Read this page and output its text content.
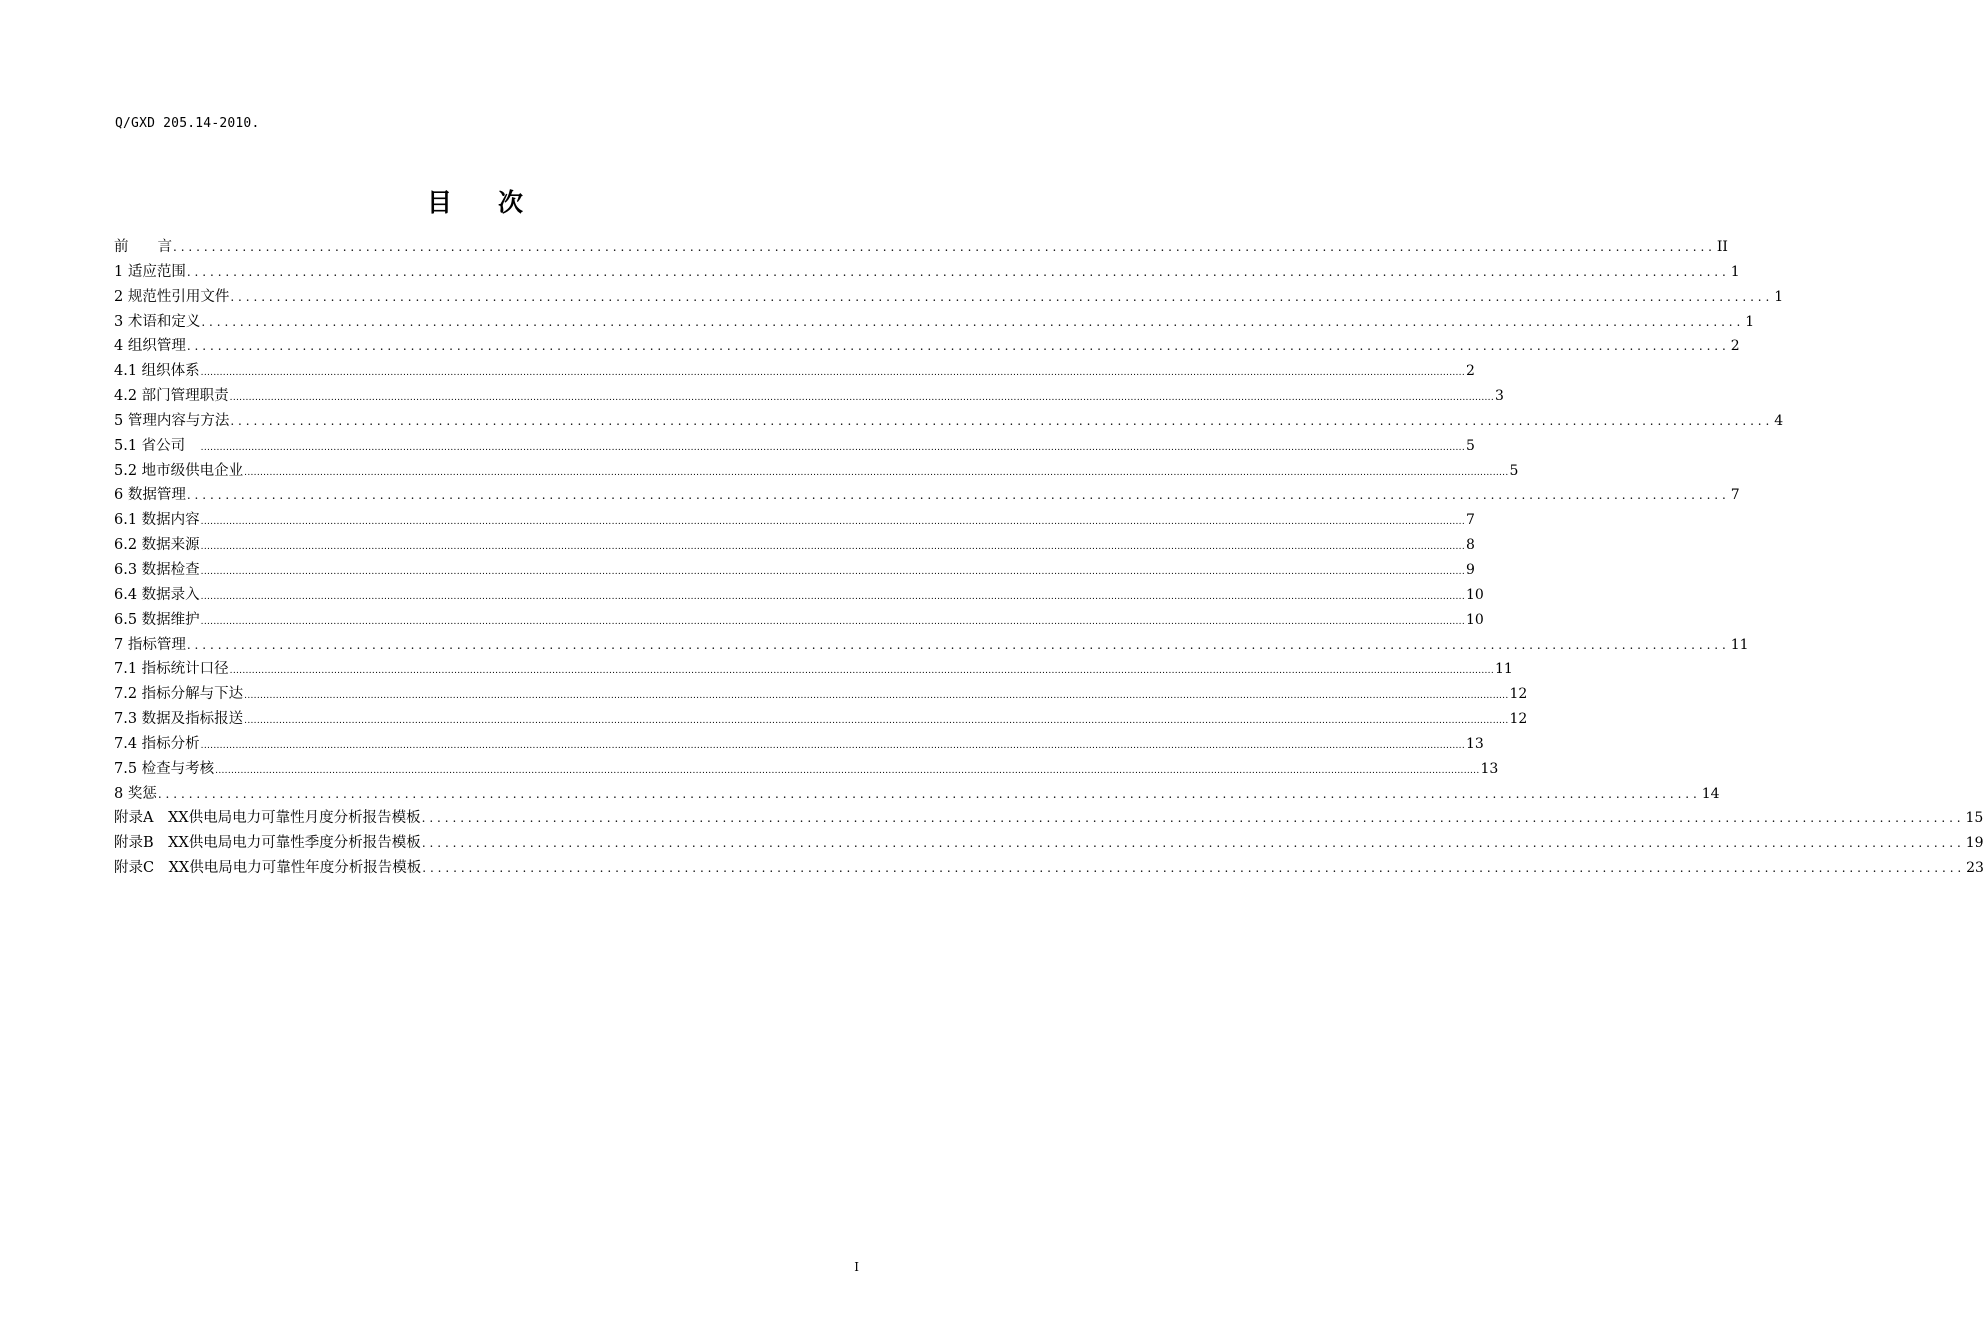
Q/GXD 205.14-2010.
目 次
前　　言 ........................................................................................................................................................................................................ II
1 适应范围 ........................................................................................................................................................................................................ 1
2 规范性引用文件 ........................................................................................................................................................................................................ 1
3 术语和定义 ........................................................................................................................................................................................................ 1
4 组织管理 ........................................................................................................................................................................................................ 2
4.1 组织体系 ................................................................................................................................................................................................................................................................................................................................................................................................................ 2
4.2 部门管理职责 ................................................................................................................................................................................................................................................................................................................................................................................................................ 3
5 管理内容与方法 ........................................................................................................................................................................................................ 4
5.1 省公司　 ................................................................................................................................................................................................................................................................................................................................................................................................................ 5
5.2 地市级供电企业 ................................................................................................................................................................................................................................................................................................................................................................................................................ 5
6 数据管理 ........................................................................................................................................................................................................ 7
6.1 数据内容 ................................................................................................................................................................................................................................................................................................................................................................................................................ 7
6.2 数据来源 ................................................................................................................................................................................................................................................................................................................................................................................................................ 8
6.3 数据检查 ................................................................................................................................................................................................................................................................................................................................................................................................................ 9
6.4 数据录入 ................................................................................................................................................................................................................................................................................................................................................................................................................ 10
6.5 数据维护 ................................................................................................................................................................................................................................................................................................................................................................................................................ 10
7 指标管理 ........................................................................................................................................................................................................ 11
7.1 指标统计口径 ................................................................................................................................................................................................................................................................................................................................................................................................................ 11
7.2 指标分解与下达 ................................................................................................................................................................................................................................................................................................................................................................................................................ 12
7.3 数据及指标报送 ................................................................................................................................................................................................................................................................................................................................................................................................................ 12
7.4 指标分析 ................................................................................................................................................................................................................................................................................................................................................................................................................ 13
7.5 检查与考核 ................................................................................................................................................................................................................................................................................................................................................................................................................ 13
8 奖惩 ........................................................................................................................................................................................................ 14
附录A　XX供电局电力可靠性月度分析报告模板 ........................................................................................................................................................................................................ 15
附录B　XX供电局电力可靠性季度分析报告模板 ........................................................................................................................................................................................................ 19
附录C　XX供电局电力可靠性年度分析报告模板 ........................................................................................................................................................................................................ 23
I
